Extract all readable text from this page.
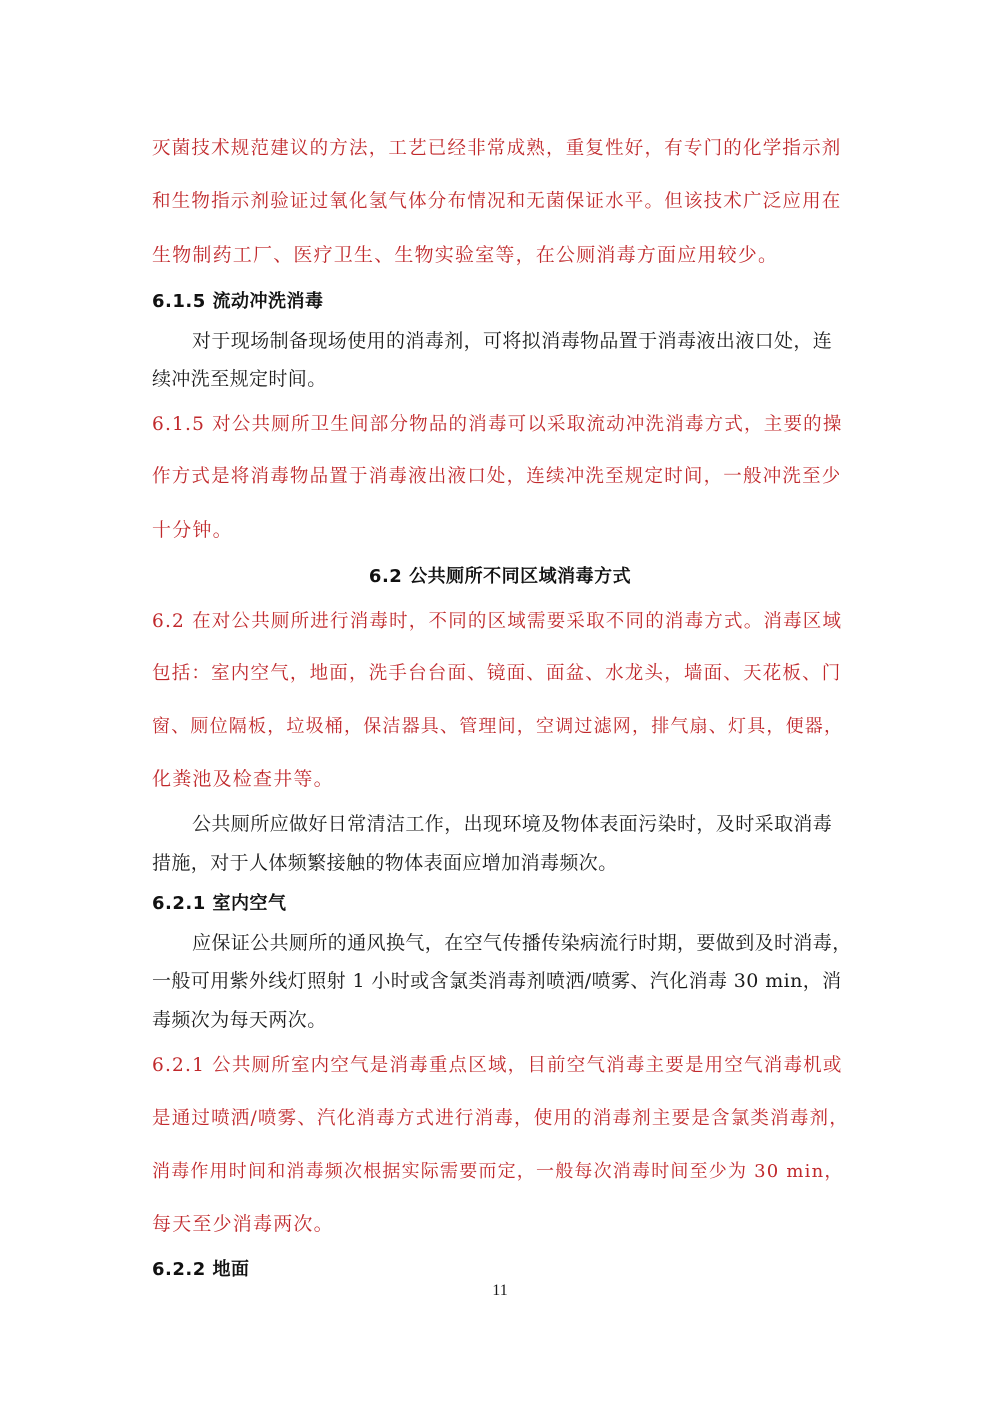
灭菌技术规范建议的方法，工艺已经非常成熟，重复性好，有专门的化学指示剂
和生物指示剂验证过氧化氢气体分布情况和无菌保证水平。但该技术广泛应用在
生物制药工厂、医疗卫生、生物实验室等，在公厕消毒方面应用较少。
6.1.5 流动冲洗消毒
对于现场制备现场使用的消毒剂，可将拟消毒物品置于消毒液出液口处，连
续冲洗至规定时间。
6.1.5 对公共厕所卫生间部分物品的消毒可以采取流动冲洗消毒方式，主要的操
作方式是将消毒物品置于消毒液出液口处，连续冲洗至规定时间，一般冲洗至少
十分钟。
6.2 公共厕所不同区域消毒方式
6.2 在对公共厕所进行消毒时，不同的区域需要采取不同的消毒方式。消毒区域
包括：室内空气，地面，洗手台台面、镜面、面盆、水龙头，墙面、天花板、门
窗、厕位隔板，垃圾桶，保洁器具、管理间，空调过滤网，排气扇、灯具，便器，
化粪池及检查井等。
公共厕所应做好日常清洁工作，出现环境及物体表面污染时，及时采取消毒
措施，对于人体频繁接触的物体表面应增加消毒频次。
6.2.1 室内空气
应保证公共厕所的通风换气，在空气传播传染病流行时期，要做到及时消毒，
一般可用紫外线灯照射 1 小时或含氯类消毒剂喷洒/喷雾、汽化消毒 30 min，消
毒频次为每天两次。
6.2.1 公共厕所室内空气是消毒重点区域，目前空气消毒主要是用空气消毒机或
是通过喷洒/喷雾、汽化消毒方式进行消毒，使用的消毒剂主要是含氯类消毒剂，
消毒作用时间和消毒频次根据实际需要而定，一般每次消毒时间至少为 30 min，
每天至少消毒两次。
6.2.2 地面
11
